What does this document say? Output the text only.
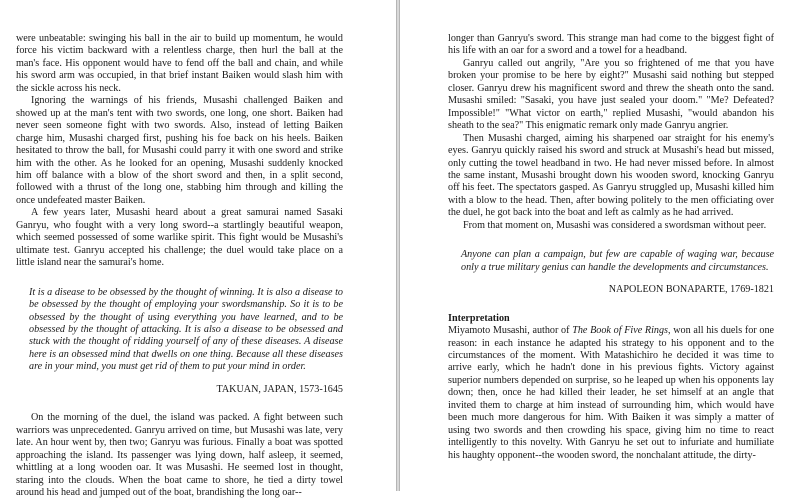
were unbeatable: swinging his ball in the air to build up momentum, he would force his victim backward with a relentless charge, then hurl the ball at the man's face. His opponent would have to fend off the ball and chain, and while his sword arm was occupied, in that brief instant Baiken would slash him with the sickle across his neck.

Ignoring the warnings of his friends, Musashi challenged Baiken and showed up at the man's tent with two swords, one long, one short. Baiken had never seen someone fight with two swords. Also, instead of letting Baiken charge him, Musashi charged first, pushing his foe back on his heels. Baiken hesitated to throw the ball, for Musashi could parry it with one sword and strike him with the other. As he looked for an opening, Musashi suddenly knocked him off balance with a blow of the short sword and then, in a split second, followed with a thrust of the long one, stabbing him through and killing the once undefeated master Baiken.

A few years later, Musashi heard about a great samurai named Sasaki Ganryu, who fought with a very long sword--a startlingly beautiful weapon, which seemed possessed of some warlike spirit. This fight would be Musashi's ultimate test. Ganryu accepted his challenge; the duel would take place on a little island near the samurai's home.

It is a disease to be obsessed by the thought of winning. It is also a disease to be obsessed by the thought of employing your swordsmanship. So it is to be obsessed by the thought of using everything you have learned, and to be obsessed by the thought of attacking. It is also a disease to be obsessed and stuck with the thought of ridding yourself of any of these diseases. A disease here is an obsessed mind that dwells on one thing. Because all these diseases are in your mind, you must get rid of them to put your mind in order.

TAKUAN, JAPAN, 1573-1645

On the morning of the duel, the island was packed. A fight between such warriors was unprecedented. Ganryu arrived on time, but Musashi was late, very late. An hour went by, then two; Ganryu was furious. Finally a boat was spotted approaching the island. Its passenger was lying down, half asleep, it seemed, whittling at a long wooden oar. It was Musashi. He seemed lost in thought, staring into the clouds. When the boat came to shore, he tied a dirty towel around his head and jumped out of the boat, brandishing the long oar--

longer than Ganryu's sword. This strange man had come to the biggest fight of his life with an oar for a sword and a towel for a headband.

Ganryu called out angrily, "Are you so frightened of me that you have broken your promise to be here by eight?" Musashi said nothing but stepped closer. Ganryu drew his magnificent sword and threw the sheath onto the sand. Musashi smiled: "Sasaki, you have just sealed your doom." "Me? Defeated? Impossible!" "What victor on earth," replied Musashi, "would abandon his sheath to the sea?" This enigmatic remark only made Ganryu angrier.

Then Musashi charged, aiming his sharpened oar straight for his enemy's eyes. Ganryu quickly raised his sword and struck at Musashi's head but missed, only cutting the towel headband in two. He had never missed before. In almost the same instant, Musashi brought down his wooden sword, knocking Ganryu off his feet. The spectators gasped. As Ganryu struggled up, Musashi killed him with a blow to the head. Then, after bowing politely to the men officiating over the duel, he got back into the boat and left as calmly as he had arrived.

From that moment on, Musashi was considered a swordsman without peer.

Anyone can plan a campaign, but few are capable of waging war, because only a true military genius can handle the developments and circumstances.

NAPOLEON BONAPARTE, 1769-1821

Interpretation

Miyamoto Musashi, author of The Book of Five Rings, won all his duels for one reason: in each instance he adapted his strategy to his opponent and to the circumstances of the moment. With Matashichiro he decided it was time to arrive early, which he hadn't done in his previous fights. Victory against superior numbers depended on surprise, so he leaped up when his opponents lay down; then, once he had killed their leader, he set himself at an angle that invited them to charge at him instead of surrounding him, which would have been much more dangerous for him. With Baiken it was simply a matter of using two swords and then crowding his space, giving him no time to react intelligently to this novelty. With Ganryu he set out to infuriate and humiliate his haughty opponent--the wooden sword, the nonchalant attitude, the dirty-
